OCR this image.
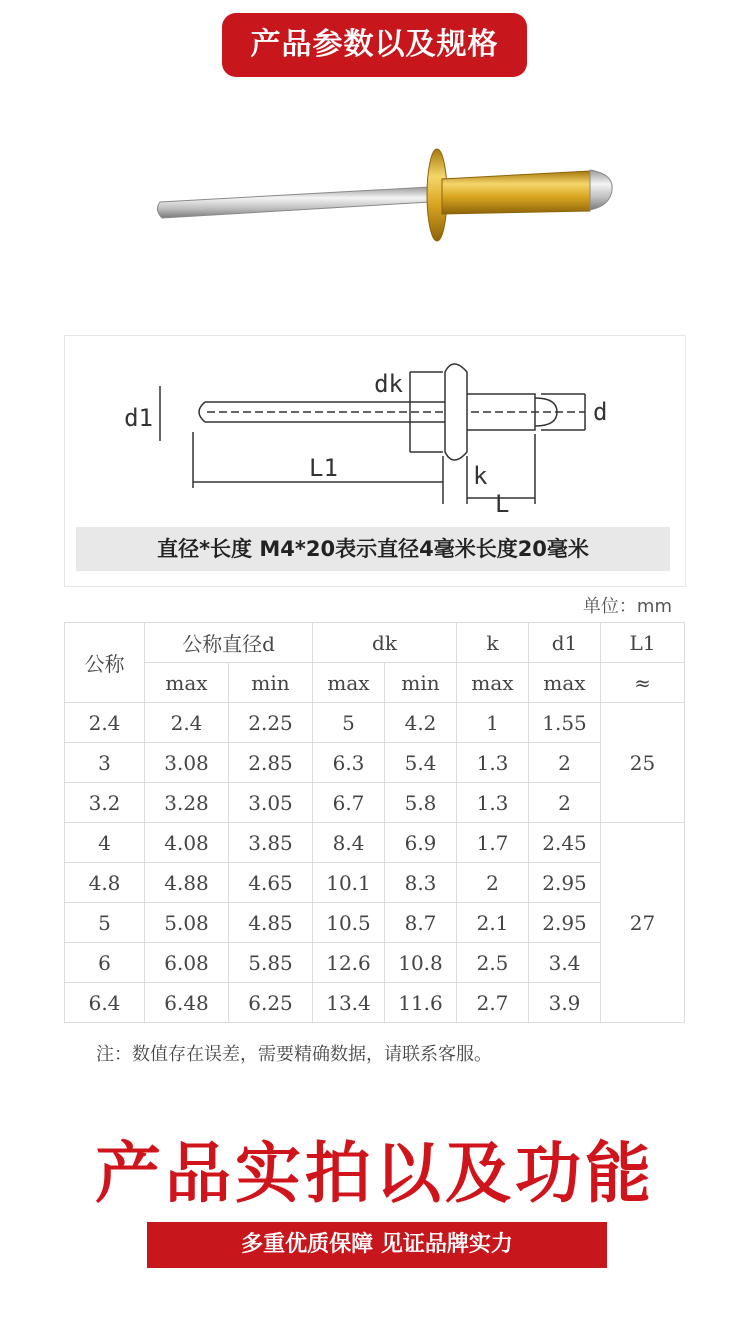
产品参数以及规格
dk
d1	d
L1	k
L
直径*长度 M4*20表示直径4毫米长度20毫米
单位：mm
公称	公称直径d		dk		k	d1	L1
	max	min	max	min	max	max	≈
2.4	2.4	2.25	5	4.2	1	1.55	25
3	3.08	2.85	6.3	5.4	1.3	2	
3.2	3.28	3.05	6.7	5.8	1.3	2	
4	4.08	3.85	8.4	6.9	1.7	2.45	27
4.8	4.88	4.65	10.1	8.3	2	2.95	
5	5.08	4.85	10.5	8.7	2.1	2.95	
6	6.08	5.85	12.6	10.8	2.5	3.4	
6.4	6.48	6.25	13.4	11.6	2.7	3.9	
注：数值存在误差，需要精确数据，请联系客服。
产品实拍以及功能
多重优质保障 见证品牌实力
